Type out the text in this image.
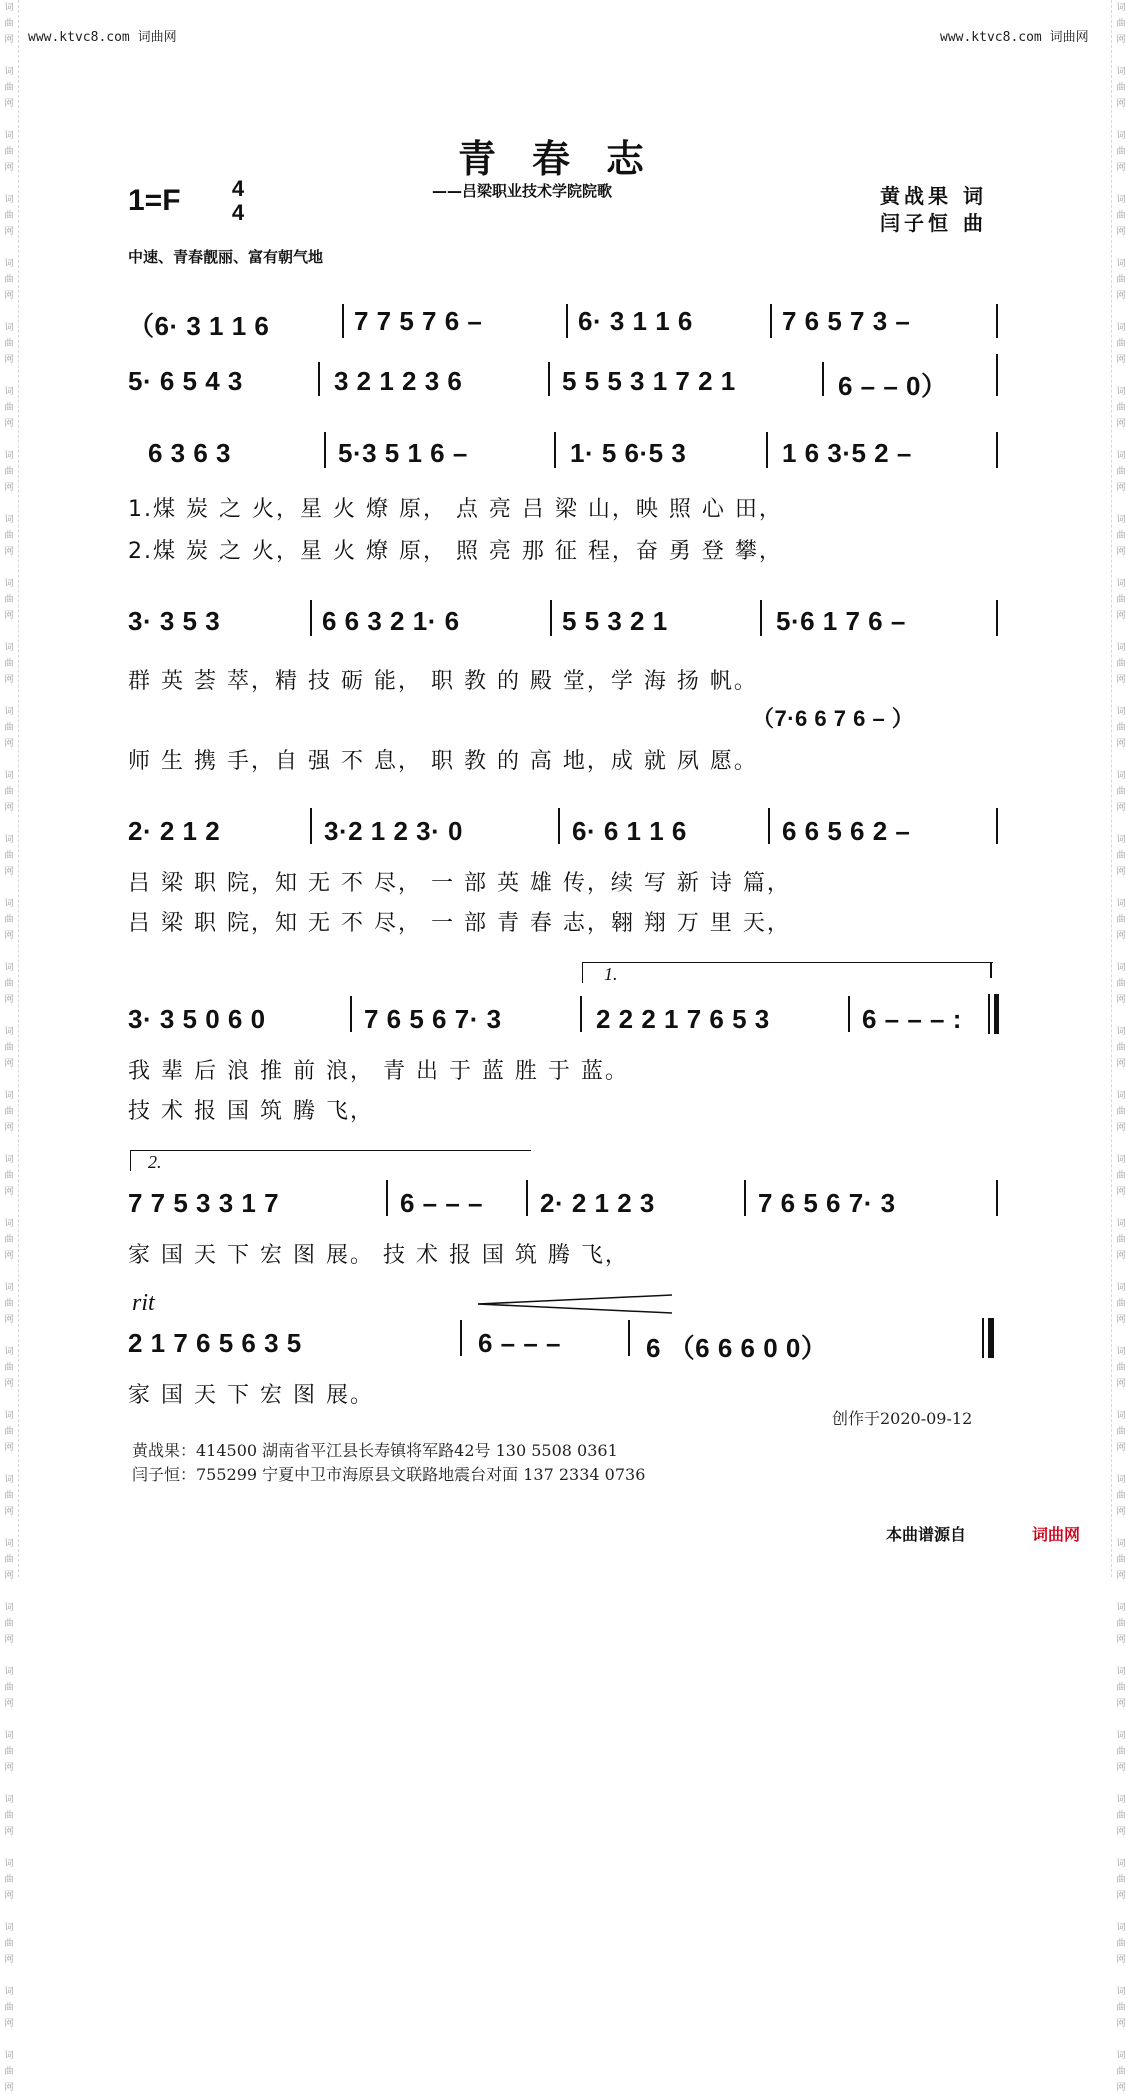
词
曲
网

词
曲
网

词
曲
网

词
曲
网

词
曲
网

词
曲
网

词
曲
网

词
曲
网

词
曲
网

词
曲
网

词
曲
网

词
曲
网

词
曲
网

词
曲
网

词
曲
网

词
曲
网

词
曲
网

词
曲
网

词
曲
网

词
曲
网

词
曲
网

词
曲
网

词
曲
网

词
曲
网

词
曲
网

词
曲
网

词
曲
网

词
曲
网

词
曲
网

词
曲
网

词
曲
网

词
曲
网

词
曲
网

词
曲
网

词
曲
网

词
曲
网

词
曲
网

词
曲
网

词
曲
网

词
曲
网

词
曲
网

词
曲
网

词
曲
网

词
曲
网

词
曲
网

词
曲
网

词
曲
网

词
曲
网

词
曲
网

词
曲
网

词
曲
网

词
曲
网

词
曲
网

词
曲
网

词
曲
网

词
曲
网

词
曲
网

词
曲
网

词
曲
网

词
曲
网

词
曲
网

词
曲
网

词
曲
网

词
曲
网

词
曲
网

词
曲
网

www.ktvc8.com 词曲网	www.ktvc8.com 词曲网
青春志
——吕梁职业技术学院院歌
1=F 4
4
黄战果 词
闫子恒 曲
中速、青春靓丽、富有朝气地
（6· 3 1 1 6	7 7 5 7 6 –	6· 3 1 1 6	7 6 5 7 3 –
5· 6 5 4 3	3 2 1 2 3 6	5 5 5 3 1 7 2 1	6 – – 0）
6 3 6 3	5·3 5 1 6 –	1· 5 6·5 3	1 6 3·5 2 –
1.煤 炭 之 火，星 火 燎 原， 点 亮 吕 梁 山，映 照 心 田，
2.煤 炭 之 火，星 火 燎 原， 照 亮 那 征 程，奋 勇 登 攀，
3· 3 5 3	6 6 3 2 1· 6	5 5 3 2 1	5·6 1 7 6 –
群 英 荟 萃，精 技 砺 能， 职 教 的 殿 堂，学 海 扬 帆。
（7·6 6 7 6 – ）
师 生 携 手，自 强 不 息， 职 教 的 高 地，成 就 夙 愿。
2· 2 1 2	3·2 1 2 3· 0	6· 6 1 1 6	6 6 5 6 2 –
吕 梁 职 院，知 无 不 尽， 一 部 英 雄 传，续 写 新 诗 篇，
吕 梁 职 院，知 无 不 尽， 一 部 青 春 志，翱 翔 万 里 天，
1.
3· 3 5 0 6 0	7 6 5 6 7· 3	2 2 2 1 7 6 5 3	6 – – – :
我 辈 后 浪 推 前 浪， 青 出 于 蓝 胜 于 蓝。
技 术 报 国 筑 腾 飞，
2.
7 7 5 3 3 1 7	6 – – – 2· 2 1 2 3	7 6 5 6 7· 3
家 国 天 下 宏 图 展。 技 术 报 国 筑 腾 飞，
rit
2 1 7 6 5 6 3 5	6 – – –	6 （6 6 6 0 0）
家 国 天 下 宏 图 展。
创作于2020-09-12
黄战果：414500 湖南省平江县长寿镇将军路42号 130 5508 0361
闫子恒：755299 宁夏中卫市海原县文联路地震台对面 137 2334 0736
本曲谱源自	词曲网
